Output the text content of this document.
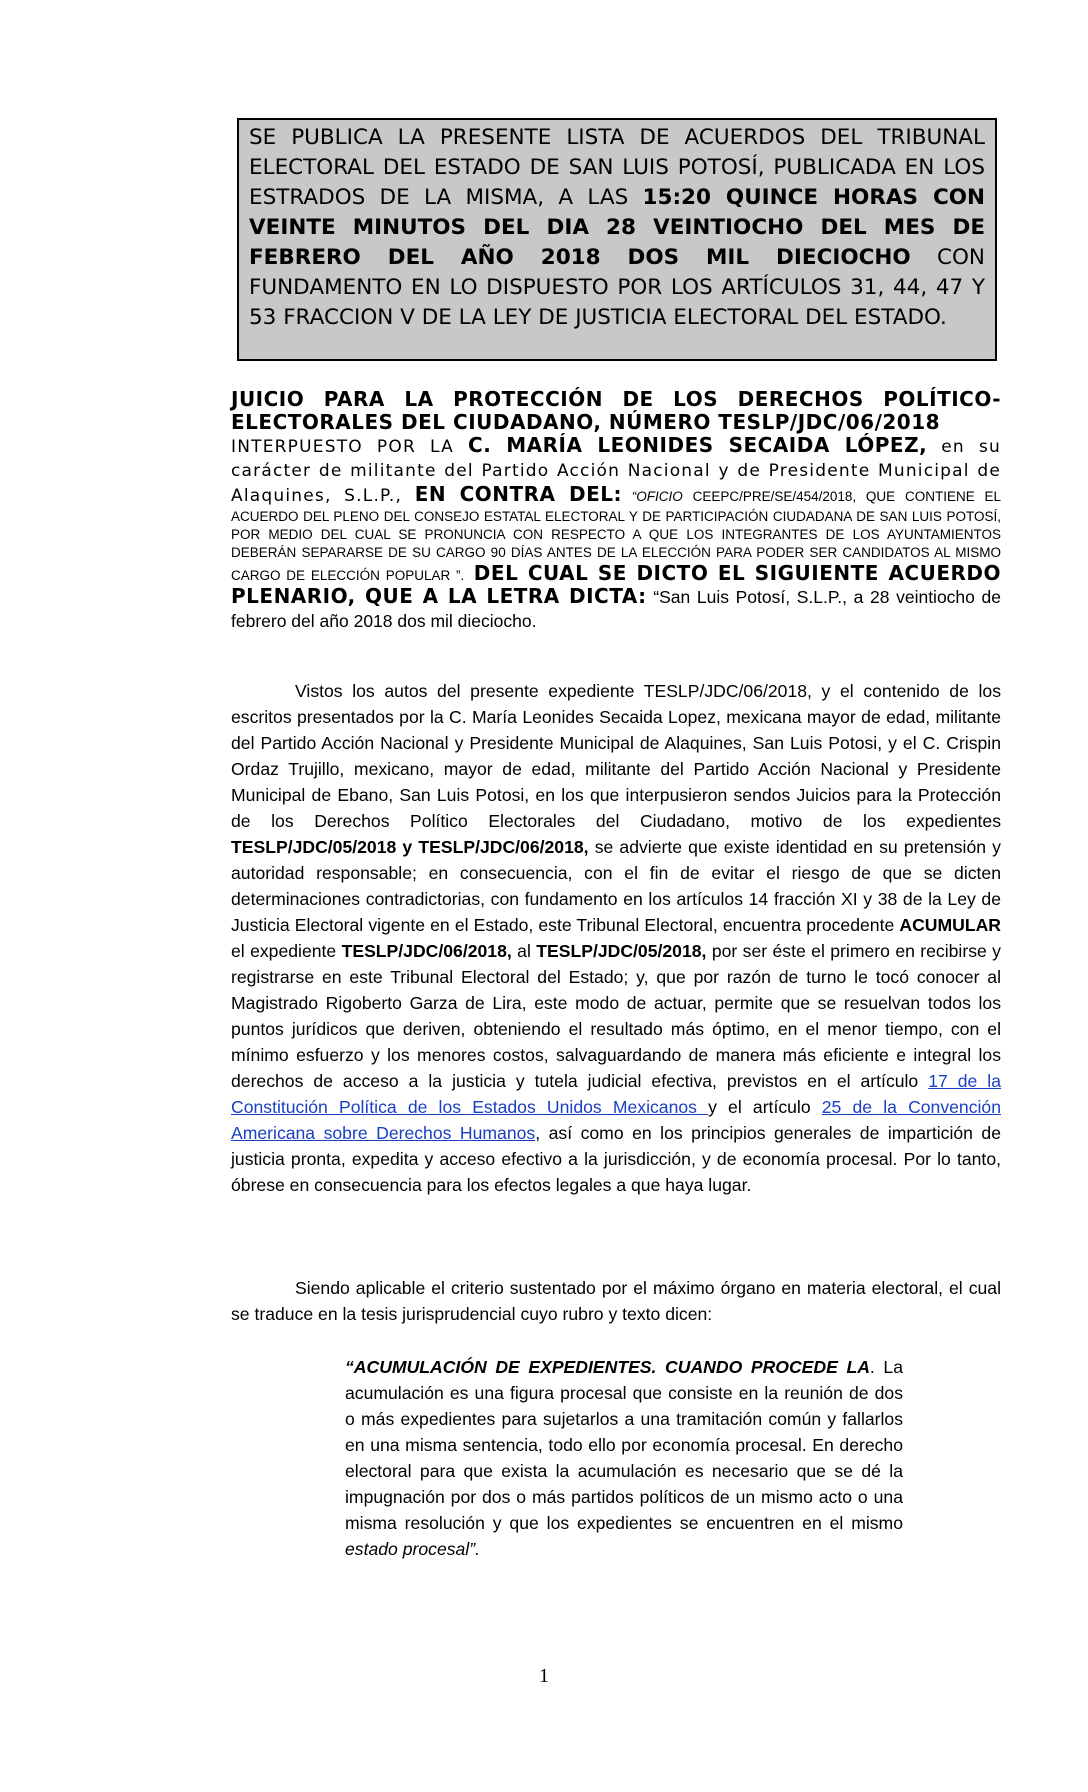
SE PUBLICA LA PRESENTE LISTA DE ACUERDOS DEL TRIBUNAL ELECTORAL DEL ESTADO DE SAN LUIS POTOSÍ, PUBLICADA EN LOS ESTRADOS DE LA MISMA, A LAS 15:20 QUINCE HORAS CON VEINTE MINUTOS DEL DIA 28 VEINTIOCHO DEL MES DE FEBRERO DEL AÑO 2018 DOS MIL DIECIOCHO CON FUNDAMENTO EN LO DISPUESTO POR LOS ARTÍCULOS 31, 44, 47 Y 53 FRACCION V DE LA LEY DE JUSTICIA ELECTORAL DEL ESTADO.
JUICIO PARA LA PROTECCIÓN DE LOS DERECHOS POLÍTICO-ELECTORALES DEL CIUDADANO, NÚMERO TESLP/JDC/06/2018
INTERPUESTO POR LA C. MARÍA LEONIDES SECAIDA LÓPEZ, en su carácter de militante del Partido Acción Nacional y de Presidente Municipal de Alaquines, S.L.P., EN CONTRA DEL: “OFICIO CEEPC/PRE/SE/454/2018, QUE CONTIENE EL ACUERDO DEL PLENO DEL CONSEJO ESTATAL ELECTORAL Y DE PARTICIPACIÓN CIUDADANA DE SAN LUIS POTOSÍ, POR MEDIO DEL CUAL SE PRONUNCIA CON RESPECTO A QUE LOS INTEGRANTES DE LOS AYUNTAMIENTOS DEBERÁN SEPARARSE DE SU CARGO 90 DÍAS ANTES DE LA ELECCIÓN PARA PODER SER CANDIDATOS AL MISMO CARGO DE ELECCIÓN POPULAR ”. DEL CUAL SE DICTO EL SIGUIENTE ACUERDO PLENARIO, QUE A LA LETRA DICTA: “San Luis Potosí, S.L.P., a 28 veintiocho de febrero del año 2018 dos mil dieciocho.
Vistos los autos del presente expediente TESLP/JDC/06/2018, y el contenido de los escritos presentados por la C. María Leonides Secaida Lopez, mexicana mayor de edad, militante del Partido Acción Nacional y Presidente Municipal de Alaquines, San Luis Potosi, y el C. Crispin Ordaz Trujillo, mexicano, mayor de edad, militante del Partido Acción Nacional y Presidente Municipal de Ebano, San Luis Potosi, en los que interpusieron sendos Juicios para la Protección de los Derechos Político Electorales del Ciudadano, motivo de los expedientes TESLP/JDC/05/2018 y TESLP/JDC/06/2018, se advierte que existe identidad en su pretensión y autoridad responsable; en consecuencia, con el fin de evitar el riesgo de que se dicten determinaciones contradictorias, con fundamento en los artículos 14 fracción XI y 38 de la Ley de Justicia Electoral vigente en el Estado, este Tribunal Electoral, encuentra procedente ACUMULAR el expediente TESLP/JDC/06/2018, al TESLP/JDC/05/2018, por ser éste el primero en recibirse y registrarse en este Tribunal Electoral del Estado; y, que por razón de turno le tocó conocer al Magistrado Rigoberto Garza de Lira, este modo de actuar, permite que se resuelvan todos los puntos jurídicos que deriven, obteniendo el resultado más óptimo, en el menor tiempo, con el mínimo esfuerzo y los menores costos, salvaguardando de manera más eficiente e integral los derechos de acceso a la justicia y tutela judicial efectiva, previstos en el artículo 17 de la Constitución Política de los Estados Unidos Mexicanos y el artículo 25 de la Convención Americana sobre Derechos Humanos, así como en los principios generales de impartición de justicia pronta, expedita y acceso efectivo a la jurisdicción, y de economía procesal. Por lo tanto, óbrese en consecuencia para los efectos legales a que haya lugar.
Siendo aplicable el criterio sustentado por el máximo órgano en materia electoral, el cual se traduce en la tesis jurisprudencial cuyo rubro y texto dicen:
“ACUMULACIÓN DE EXPEDIENTES. CUANDO PROCEDE LA. La acumulación es una figura procesal que consiste en la reunión de dos o más expedientes para sujetarlos a una tramitación común y fallarlos en una misma sentencia, todo ello por economía procesal. En derecho electoral para que exista la acumulación es necesario que se dé la impugnación por dos o más partidos políticos de un mismo acto o una misma resolución y que los expedientes se encuentren en el mismo estado procesal”.
1
